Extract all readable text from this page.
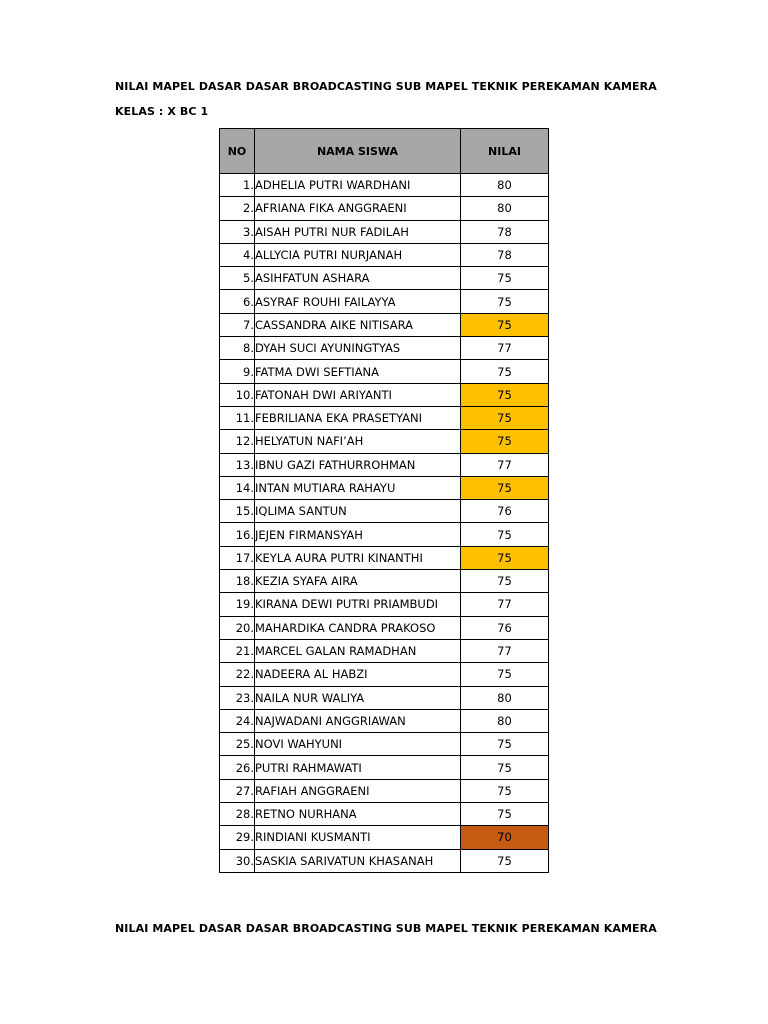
NILAI MAPEL DASAR DASAR BROADCASTING SUB MAPEL TEKNIK PEREKAMAN KAMERA
KELAS : X BC 1
NO	NAMA SISWA	NILAI
1.	ADHELIA PUTRI WARDHANI	80
2.	AFRIANA FIKA ANGGRAENI	80
3.	AISAH PUTRI NUR FADILAH	78
4.	ALLYCIA PUTRI NURJANAH	78
5.	ASIHFATUN ASHARA	75
6.	ASYRAF ROUHI FAILAYYA	75
7.	CASSANDRA AIKE NITISARA	75
8.	DYAH SUCI AYUNINGTYAS	77
9.	FATMA DWI SEFTIANA	75
10.	FATONAH DWI ARIYANTI	75
11.	FEBRILIANA EKA PRASETYANI	75
12.	HELYATUN NAFI’AH	75
13.	IBNU GAZI FATHURROHMAN	77
14.	INTAN MUTIARA RAHAYU	75
15.	IQLIMA SANTUN	76
16.	JEJEN FIRMANSYAH	75
17.	KEYLA AURA PUTRI KINANTHI	75
18.	KEZIA SYAFA AIRA	75
19.	KIRANA DEWI PUTRI PRIAMBUDI	77
20.	MAHARDIKA CANDRA PRAKOSO	76
21.	MARCEL GALAN RAMADHAN	77
22.	NADEERA AL HABZI	75
23.	NAILA NUR WALIYA	80
24.	NAJWADANI ANGGRIAWAN	80
25.	NOVI WAHYUNI	75
26.	PUTRI RAHMAWATI	75
27.	RAFIAH ANGGRAENI	75
28.	RETNO NURHANA	75
29.	RINDIANI KUSMANTI	70
30.	SASKIA SARIVATUN KHASANAH	75
NILAI MAPEL DASAR DASAR BROADCASTING SUB MAPEL TEKNIK PEREKAMAN KAMERA
